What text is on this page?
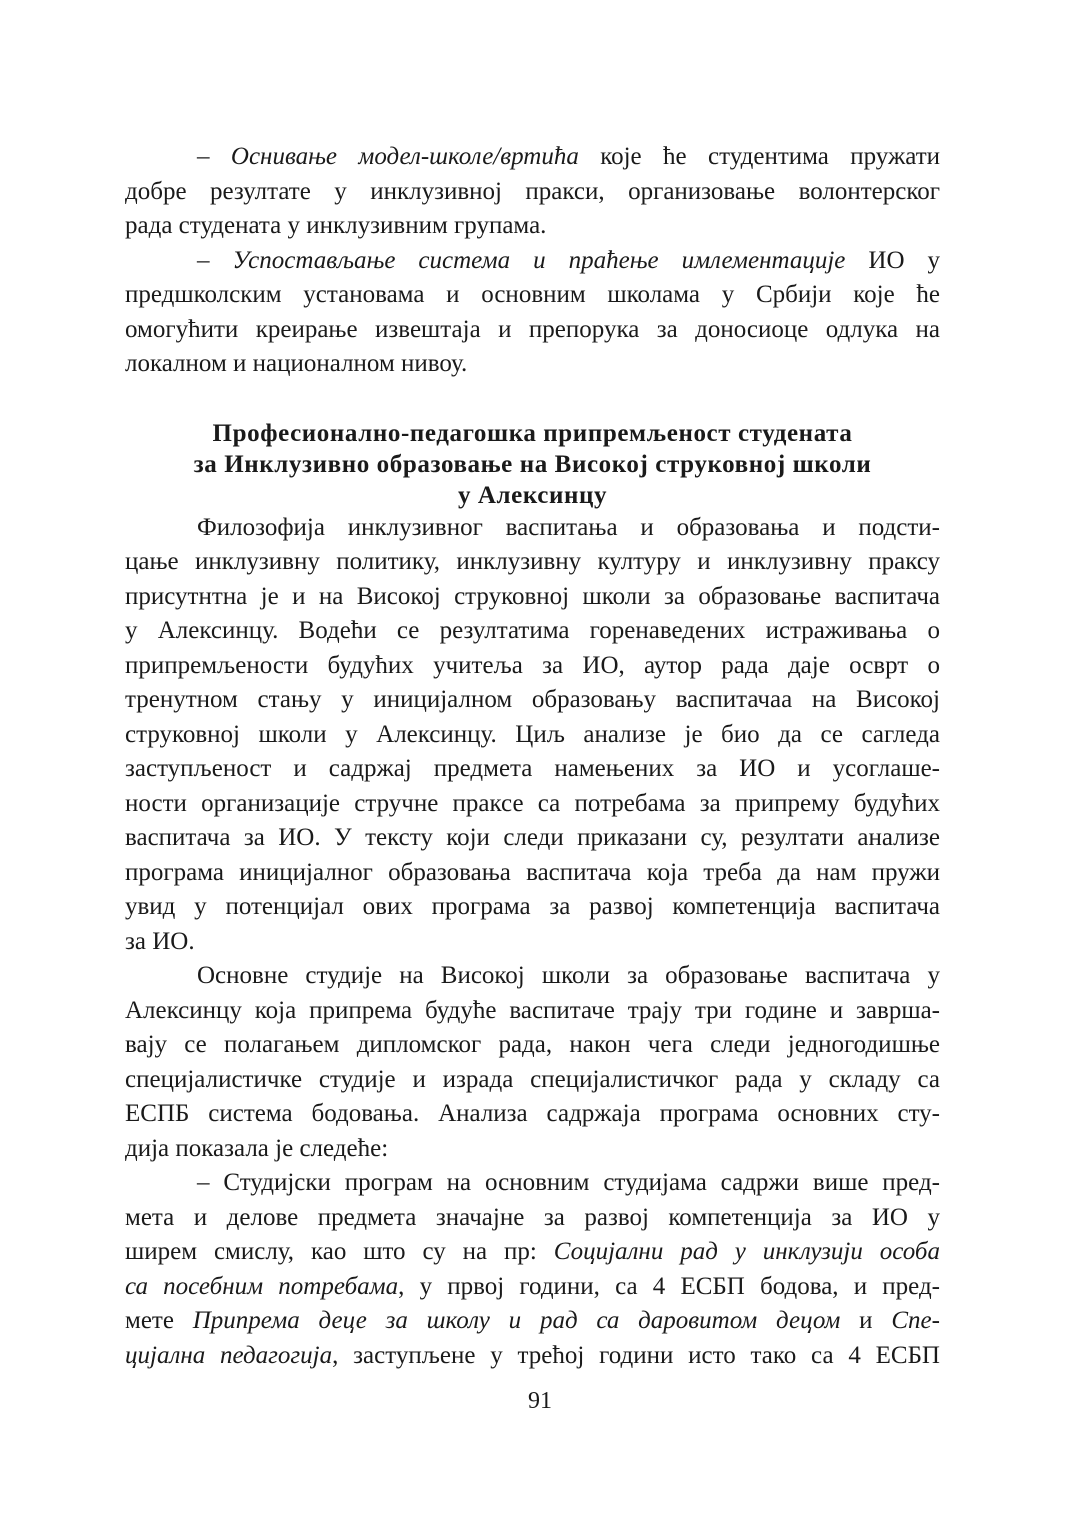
– Оснивање модел-школе/вртића које ће студентима пружати

добре резултате у инклузивној пракси, организовање волонтерског

рада студената у инклузивним групама.

– Успостављање система и праћење имлементације ИО у

предшколским установама и основним школама у Србији које ће

омогућити креирање извештаја и препорука за доносиоце одлука на

локалном и националном нивоу.

Професионално-педагошка припремљеност студената
за Инклузивно образовање на Високој струковној школи
у Алексинцу

Филозофија инклузивног васпитања и образовања и подсти-

цање инклузивну политику, инклузивну културу и инклузивну праксу

присутнтна је и на Високој струковној школи за образовање васпитача

у Алексинцу. Водећи се резултатима горенаведених истраживања о

припремљености будућих учитеља за ИО, аутор рада даје осврт о

тренутном стању у иницијалном образовању васпитачаа на Високој

струковној школи у Алексинцу. Циљ анализе је био да се сагледа

заступљеност и садржај предмета намењених за ИО и усоглаше-

ности организације стручне праксе са потребама за припрему будућих

васпитача за ИО. У тексту који следи приказани су, резултати анализе

програма иницијалног образовања васпитача која треба да нам пружи

увид у потенцијал ових програма за развој компетенција васпитача

за ИО.

Основне студије на Високој школи за образовање васпитача у

Алексинцу која припрема будуће васпитаче трају три године и заврша-

вају се полагањем дипломског рада, након чега следи једногодишње

специјалистичке студије и израда специјалистичког рада у складу са

ЕСПБ система бодовања. Анализа садржаја програма основних сту-

дија показала је следеће:

– Студијски програм на основним студијама садржи више пред-

мета и делове предмета значајне за развој компетенција за ИО у

ширем смислу, као што су на пр: Социјални рад у инклузији особа

са посебним потребама, у првој години, са 4 ЕСБП бодова, и пред-

мете Припрема деце за школу и рад са даровитом децом и Спе-

цијална педагогија, заступљене у трећој години исто тако са 4 ЕСБП

91
